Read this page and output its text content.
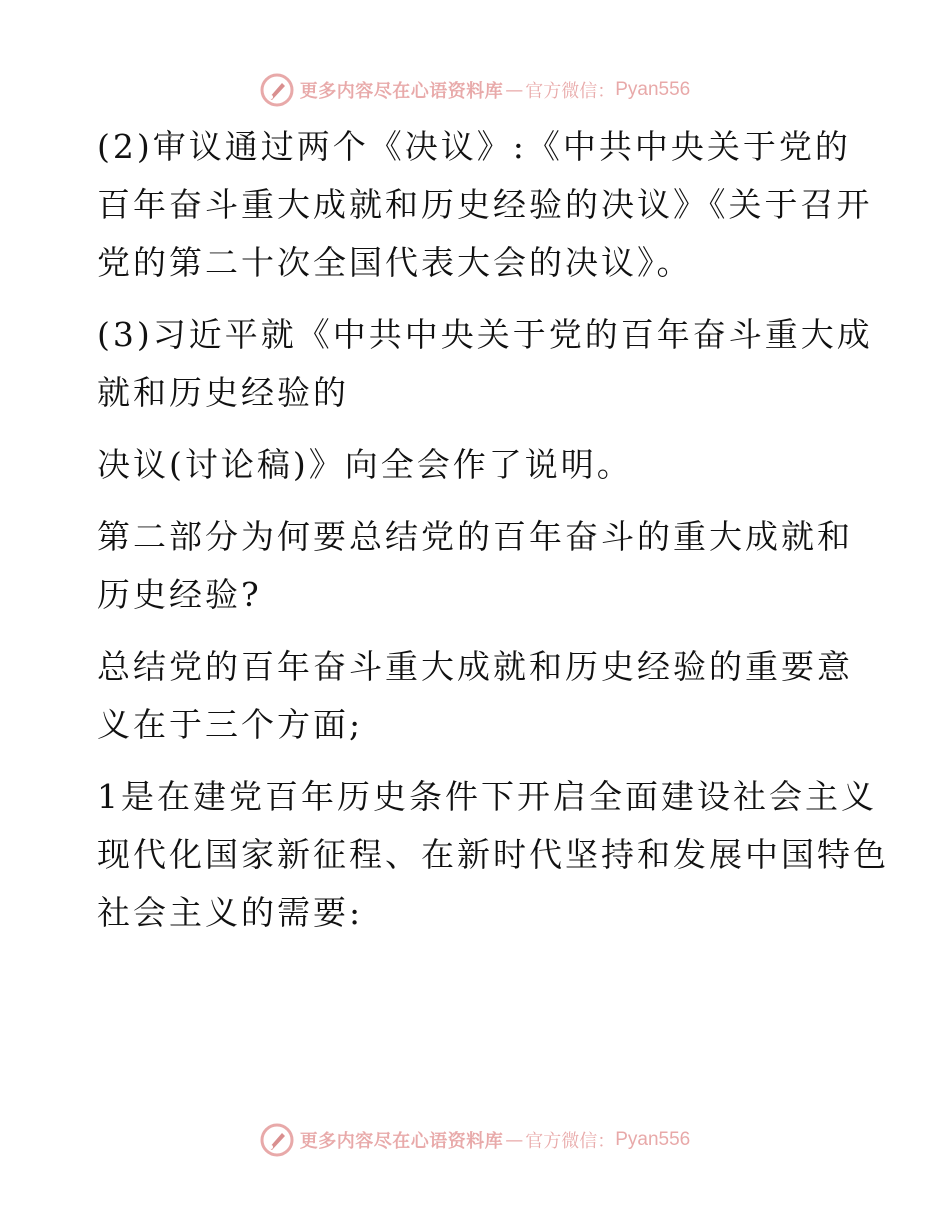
更多内容尽在心语资料库 — 官方微信： Pyan556

(2)审议通过两个《决议》:《中共中央关于党的
百年奋斗重大成就和历史经验的决议》《关于召开
党的第二十次全国代表大会的决议》。

(3)习近平就《中共中央关于党的百年奋斗重大成
就和历史经验的

决议(讨论稿)》向全会作了说明。

第二部分为何要总结党的百年奋斗的重大成就和
历史经验?

总结党的百年奋斗重大成就和历史经验的重要意
义在于三个方面;

1是在建党百年历史条件下开启全面建设社会主义
现代化国家新征程、在新时代坚持和发展中国特色
社会主义的需要:

更多内容尽在心语资料库 — 官方微信： Pyan556
